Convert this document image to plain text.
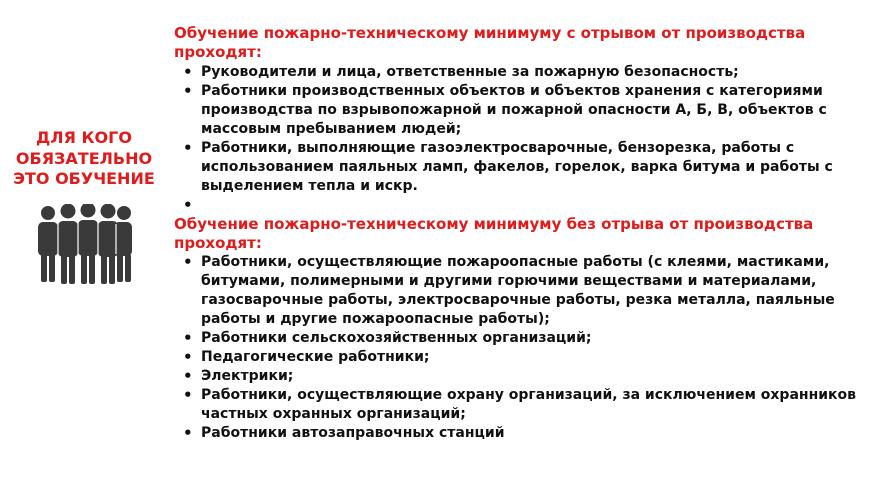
ДЛЯ КОГО
ОБЯЗАТЕЛЬНО
ЭТО ОБУЧЕНИЕ

Обучение пожарно-техническому минимуму с отрывом от производства проходят:

• Руководители и лица, ответственные за пожарную безопасность;
• Работники производственных объектов и объектов хранения с категориями производства по взрывопожарной и пожарной опасности А, Б, В, объектов с массовым пребыванием людей;
• Работники, выполняющие газоэлектросварочные, бензорезка, работы с использованием паяльных ламп, факелов, горелок, варка битума и работы с выделением тепла и искр.
•

Обучение пожарно-техническому минимуму без отрыва от производства проходят:

• Работники, осуществляющие пожароопасные работы (с клеями, мастиками, битумами, полимерными и другими горючими веществами и материалами, газосварочные работы, электросварочные работы, резка металла, паяльные работы и другие пожароопасные работы);
• Работники сельскохозяйственных организаций;
• Педагогические работники;
• Электрики;
• Работники, осуществляющие охрану организаций, за исключением охранников частных охранных организаций;
• Работники автозаправочных станций
